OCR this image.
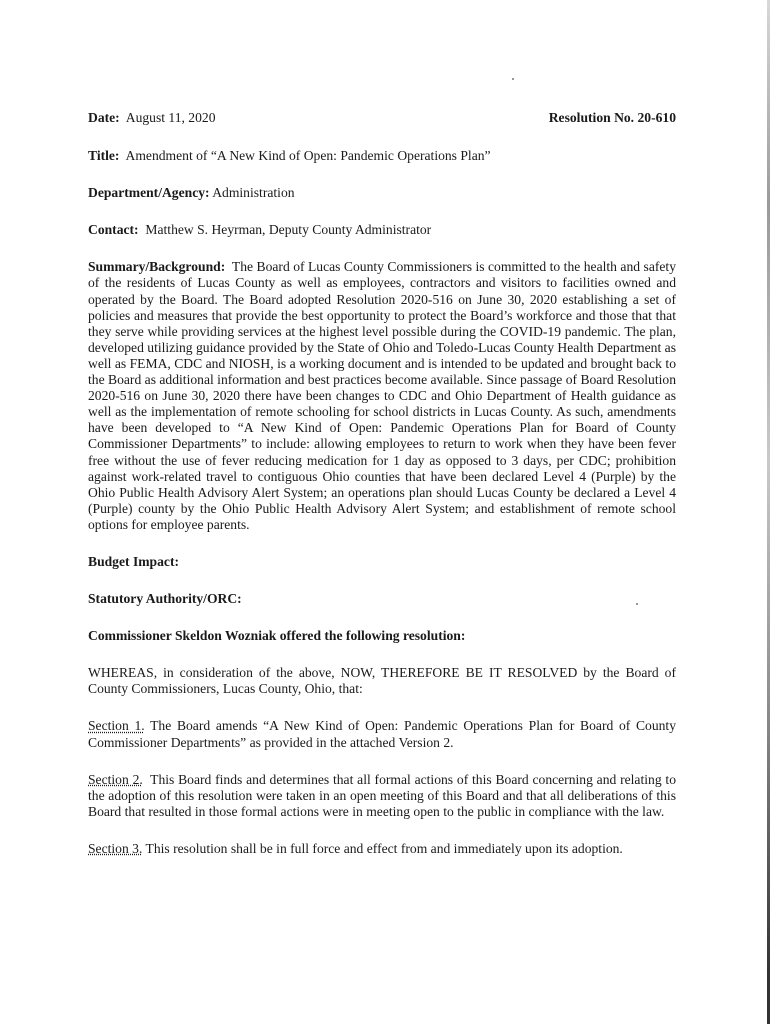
Date: August 11, 2020	Resolution No. 20-610

Title: Amendment of “A New Kind of Open: Pandemic Operations Plan”

Department/Agency: Administration

Contact: Matthew S. Heyrman, Deputy County Administrator

Summary/Background: The Board of Lucas County Commissioners is committed to the health and safety of the residents of Lucas County as well as employees, contractors and visitors to facilities owned and operated by the Board. The Board adopted Resolution 2020-516 on June 30, 2020 establishing a set of policies and measures that provide the best opportunity to protect the Board’s workforce and those that that they serve while providing services at the highest level possible during the COVID-19 pandemic. The plan, developed utilizing guidance provided by the State of Ohio and Toledo-Lucas County Health Department as well as FEMA, CDC and NIOSH, is a working document and is intended to be updated and brought back to the Board as additional information and best practices become available. Since passage of Board Resolution 2020-516 on June 30, 2020 there have been changes to CDC and Ohio Department of Health guidance as well as the implementation of remote schooling for school districts in Lucas County. As such, amendments have been developed to “A New Kind of Open: Pandemic Operations Plan for Board of County Commissioner Departments” to include: allowing employees to return to work when they have been fever free without the use of fever reducing medication for 1 day as opposed to 3 days, per CDC; prohibition against work-related travel to contiguous Ohio counties that have been declared Level 4 (Purple) by the Ohio Public Health Advisory Alert System; an operations plan should Lucas County be declared a Level 4 (Purple) county by the Ohio Public Health Advisory Alert System; and establishment of remote school options for employee parents.

Budget Impact:

Statutory Authority/ORC:

Commissioner Skeldon Wozniak offered the following resolution:

WHEREAS, in consideration of the above, NOW, THEREFORE BE IT RESOLVED by the Board of County Commissioners, Lucas County, Ohio, that:

Section 1. The Board amends “A New Kind of Open: Pandemic Operations Plan for Board of County Commissioner Departments” as provided in the attached Version 2.

Section 2. This Board finds and determines that all formal actions of this Board concerning and relating to the adoption of this resolution were taken in an open meeting of this Board and that all deliberations of this Board that resulted in those formal actions were in meeting open to the public in compliance with the law.

Section 3. This resolution shall be in full force and effect from and immediately upon its adoption.
